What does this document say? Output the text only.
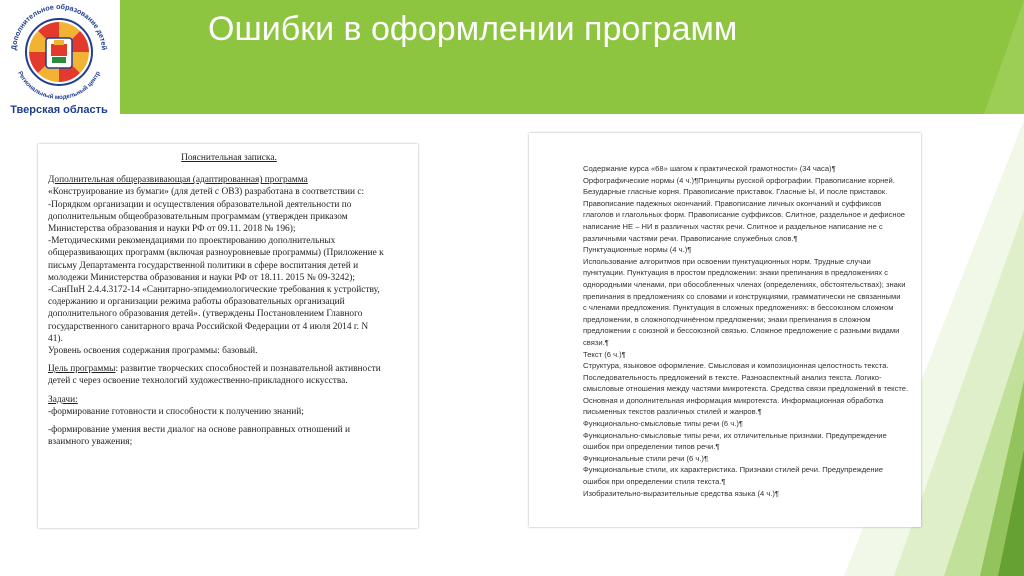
Дополнительное образование детей
Региональный модельный центр
Тверская область
Ошибки в оформлении программ

Пояснительная записка.

Дополнительная общеразвивающая (адаптированная) программа

«Конструирование из бумаги» (для детей с ОВЗ) разработана в соответствии с:

-Порядком организации и осуществления образовательной деятельности по

дополнительным общеобразовательным программам (утвержден приказом

Министерства образования и науки РФ от 09.11. 2018 № 196);

-Методическими рекомендациями по проектированию дополнительных

общеразвивающих программ (включая разноуровневые программы) (Приложение к

письму Департамента государственной политики в сфере воспитания детей и

молодежи Министерства образования и науки РФ от 18.11. 2015 № 09-3242);

-СанПиН 2.4.4.3172-14 «Санитарно-эпидемиологические требования к устройству,

содержанию и организации режима работы образовательных организаций

дополнительного образования детей». (утверждены Постановлением Главного

государственного санитарного врача Российской Федерации от 4 июля 2014 г. N

41).

Уровень освоения содержания программы: базовый.

Цель программы: развитие творческих способностей и познавательной активности

детей с через освоение технологий художественно-прикладного искусства.

Задачи:

-формирование готовности и способности к получению знаний;

-формирование умения вести диалог на основе равноправных отношений и

взаимного уважения;

Содержание курса «68» шагом к практической грамотности» (34 часа)¶

Орфографические нормы (4 ч.)¶Принципы русской орфографии. Правописание корней.

Безударные гласные корня. Правописание приставок. Гласные Ы, И после приставок.

Правописание падежных окончаний. Правописание личных окончаний и суффиксов

глаголов и глагольных форм. Правописание суффиксов. Слитное, раздельное и дефисное

написание НЕ – НИ в различных частях речи. Слитное и раздельное написание не с

различными частями речи. Правописание служебных слов.¶

Пунктуационные нормы (4 ч.)¶

Использование алгоритмов при освоении пунктуационных норм. Трудные случаи

пунктуации. Пунктуация в простом предложении: знаки препинания в предложениях с

однородными членами, при обособленных членах (определениях, обстоятельствах); знаки

препинания в предложениях со словами и конструкциями, грамматически не связанными

с членами предложения. Пунктуация в сложных предложениях: в бессоюзном сложном

предложении, в сложноподчинённом предложении; знаки препинания в сложном

предложении с союзной и бессоюзной связью. Сложное предложение с разными видами

связи.¶

Текст (6 ч.)¶

Структура, языковое оформление. Смысловая и композиционная целостность текста.

Последовательность предложений в тексте. Разноаспектный анализ текста. Логико-

смысловые отношения между частями микротекста. Средства связи предложений в тексте.

Основная и дополнительная информация микротекста. Информационная обработка

письменных текстов различных стилей и жанров.¶

Функционально-смысловые типы речи (6 ч.)¶

Функционально-смысловые типы речи, их отличительные признаки. Предупреждение

ошибок при определении типов речи.¶

Функциональные стили речи (6 ч.)¶

Функциональные стили, их характеристика. Признаки стилей речи. Предупреждение

ошибок при определении стиля текста.¶

Изобразительно-выразительные средства языка (4 ч.)¶
